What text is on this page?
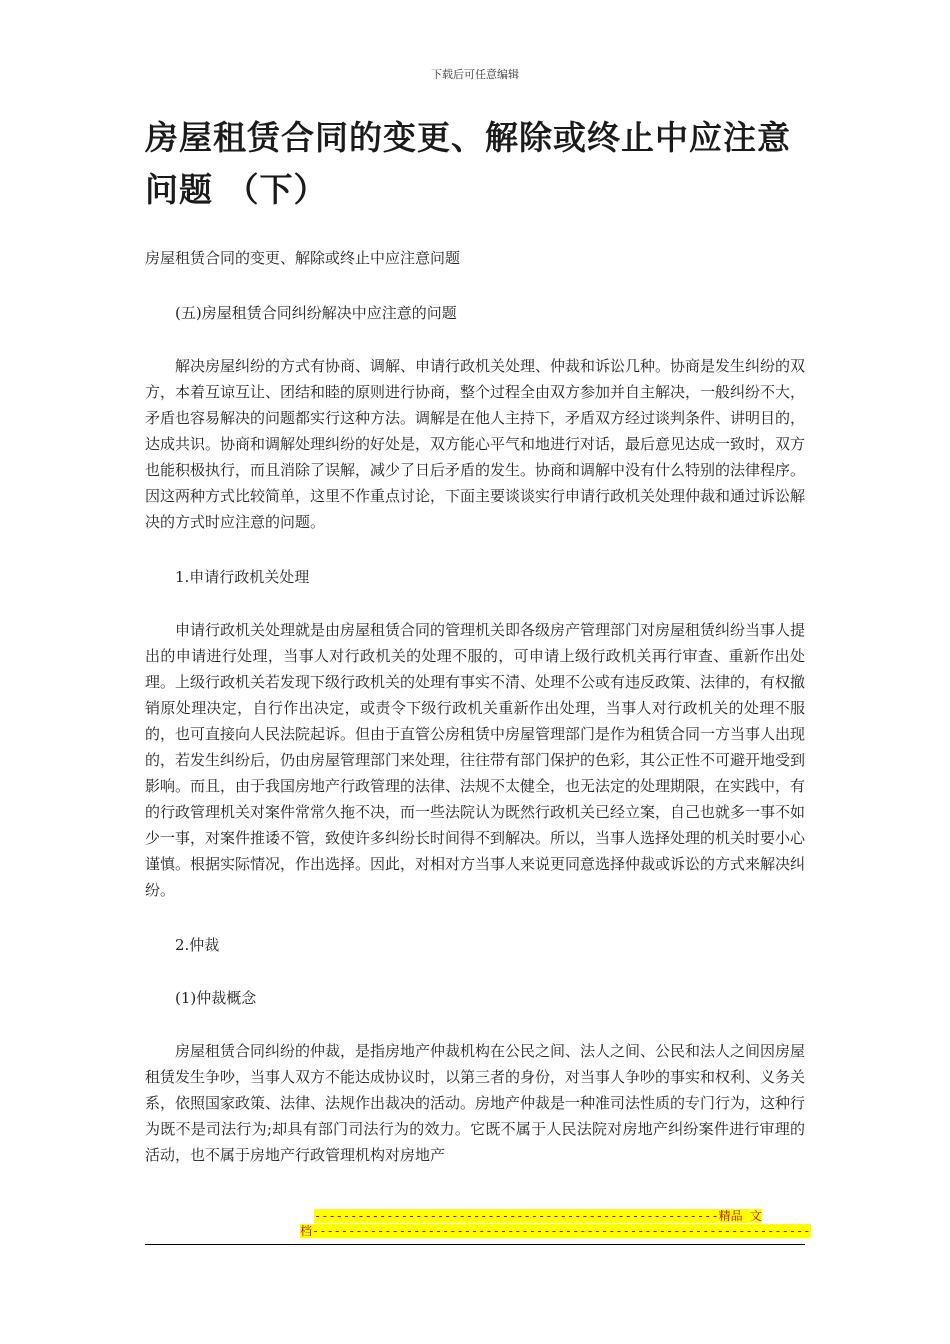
下载后可任意编辑
房屋租赁合同的变更、解除或终止中应注意问题 （下）

房屋租赁合同的变更、解除或终止中应注意问题

(五)房屋租赁合同纠纷解决中应注意的问题

解决房屋纠纷的方式有协商、调解、申请行政机关处理、仲裁和诉讼几种。协商是发生纠纷的双方，本着互谅互让、团结和睦的原则进行协商，整个过程全由双方参加并自主解决，一般纠纷不大，矛盾也容易解决的问题都实行这种方法。调解是在他人主持下，矛盾双方经过谈判条件、讲明目的，达成共识。协商和调解处理纠纷的好处是，双方能心平气和地进行对话，最后意见达成一致时，双方也能积极执行，而且消除了误解，减少了日后矛盾的发生。协商和调解中没有什么特别的法律程序。因这两种方式比较简单，这里不作重点讨论，下面主要谈谈实行申请行政机关处理仲裁和通过诉讼解决的方式时应注意的问题。

1.申请行政机关处理

申请行政机关处理就是由房屋租赁合同的管理机关即各级房产管理部门对房屋租赁纠纷当事人提出的申请进行处理，当事人对行政机关的处理不服的，可申请上级行政机关再行审查、重新作出处理。上级行政机关若发现下级行政机关的处理有事实不清、处理不公或有违反政策、法律的，有权撤销原处理决定，自行作出决定，或责令下级行政机关重新作出处理，当事人对行政机关的处理不服的，也可直接向人民法院起诉。但由于直管公房租赁中房屋管理部门是作为租赁合同一方当事人出现的，若发生纠纷后，仍由房屋管理部门来处理，往往带有部门保护的色彩，其公正性不可避开地受到影响。而且，由于我国房地产行政管理的法律、法规不太健全，也无法定的处理期限，在实践中，有的行政管理机关对案件常常久拖不决，而一些法院认为既然行政机关已经立案，自己也就多一事不如少一事，对案件推诿不管，致使许多纠纷长时间得不到解决。所以，当事人选择处理的机关时要小心谨慎。根据实际情况，作出选择。因此，对相对方当事人来说更同意选择仲裁或诉讼的方式来解决纠纷。

2.仲裁

(1)仲裁概念

房屋租赁合同纠纷的仲裁，是指房地产仲裁机构在公民之间、法人之间、公民和法人之间因房屋租赁发生争吵，当事人双方不能达成协议时，以第三者的身份，对当事人争吵的事实和权利、义务关系，依照国家政策、法律、法规作出裁决的活动。房地产仲裁是一种准司法性质的专门行为，这种行为既不是司法行为;却具有部门司法行为的效力。它既不属于人民法院对房地产纠纷案件进行审理的活动，也不属于房地产行政管理机构对房地产

--------------------------------------------------------精品 文
档---------------------------------------------------------------------
